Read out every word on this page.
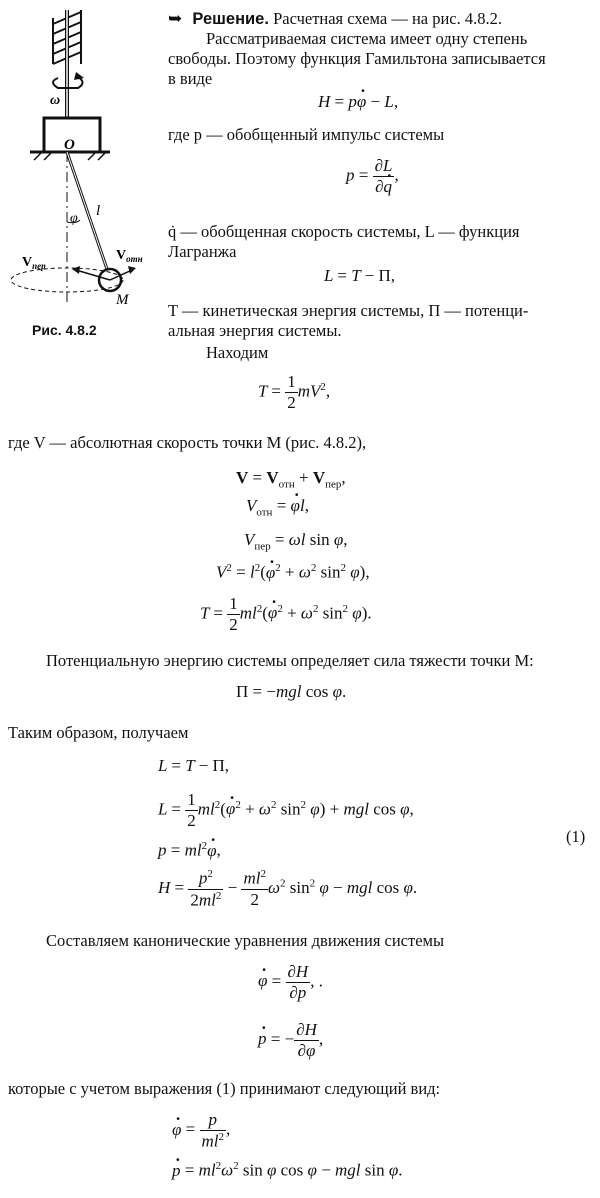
ω
O
φ l
$V_{пер}$
$V_{отн}$
M
Рис. 4.8.2
➥ Решение. Расчетная схема — на рис. 4.8.2.
Рассматриваемая система имеет одну степень
свободы. Поэтому функция Гамильтона записывается
в виде
H = p· φ − L,
где p — обобщенный импульс системы
$p = \frac{\partial L}{\partial\cdot q}$ ,
q̇ — обобщенная скорость системы, L — функция
Лагранжа
L = T − Π,
T — кинетическая энергия системы, Π — потенци-
альная энергия системы.
Находим
$T = \frac{1}{2} mV^2$,
где V — абсолютная скорость точки M (рис. 4.8.2),
$V = V_{отн} + V_{пер}$,
$V_{отн}$ = · φl,
$V_{пер} = \omega l$ sin φ,
$V^2 = l^2(\cdot \varphi^2 + \omega^2$ $\sin^2 \varphi$),
$T = \frac{1}{2} ml^2(\cdot \varphi^2 + \omega^2$ $\sin^2 \varphi$).
Потенциальную энергию системы определяет сила тяжести точки M:
Π = −mgl cos φ.
Таким образом, получаем
L = T − Π,
$L = \frac{1}{2} ml^2(\cdot \varphi^2 + \omega^2$ $\sin^2 \varphi$) + mgl cos φ,
(1)
$p = ml^2\cdot \varphi$,
$H = \frac{p^2}{2ml^2} - \frac{ml^2}{2} \omega^2$ $\sin^2 \varphi$ − mgl cos φ.
Составляем канонические уравнения движения системы
· $\varphi = \frac{\partial H}{\partial p}$ , .
· p = − $\frac{\partial H}{\partial\varphi}$ ,
которые с учетом выражения (1) принимают следующий вид:
· $\varphi = \frac{p}{ml^2}$ ,
· $p = ml^2\omega^2$ sin φ cos φ − mgl sin φ.
